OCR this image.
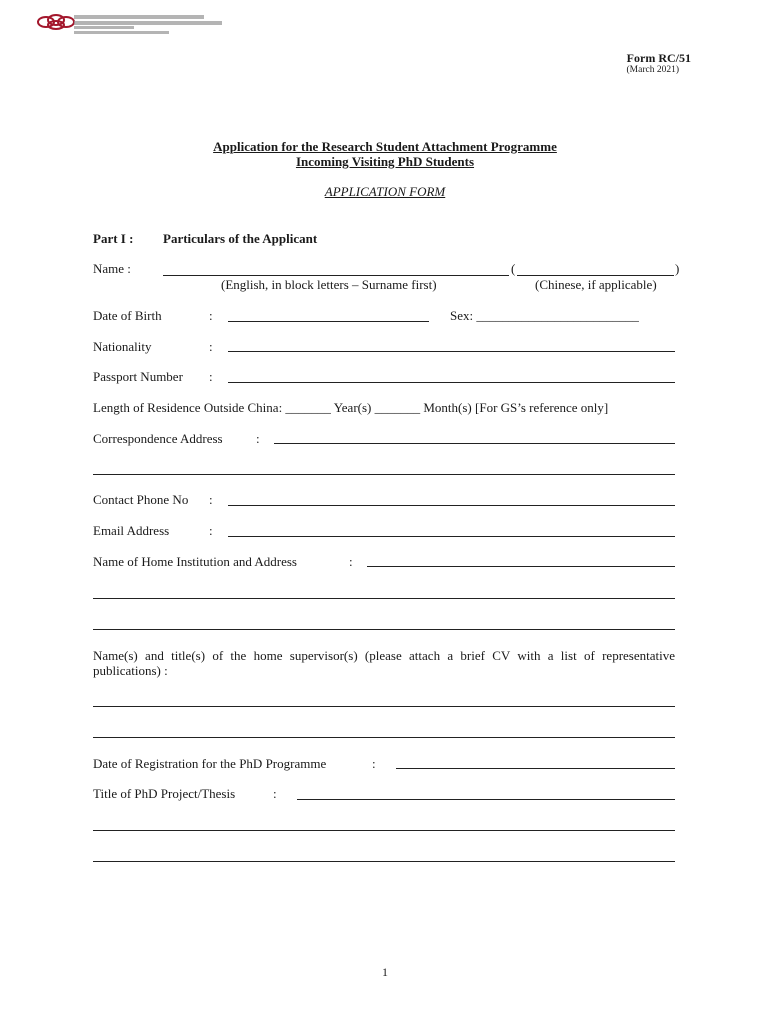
Form RC/51
(March 2021)
Application for the Research Student Attachment Programme
Incoming Visiting PhD Students
APPLICATION FORM
Part I : Particulars of the Applicant
Name :	(	)
(English, in block letters – Surname first)	(Chinese, if applicable)
Date of Birth	:	Sex: _________________________
Nationality	:
Passport Number :
Length of Residence Outside China: _______ Year(s) _______ Month(s) [For GS’s reference only]
Correspondence Address	:
Contact Phone No :
Email Address	:
Name of Home Institution and Address	:
Name(s) and title(s) of the home supervisor(s) (please attach a brief CV with a list of representative publications) :
Date of Registration for the PhD Programme	:
Title of PhD Project/Thesis	:
1
